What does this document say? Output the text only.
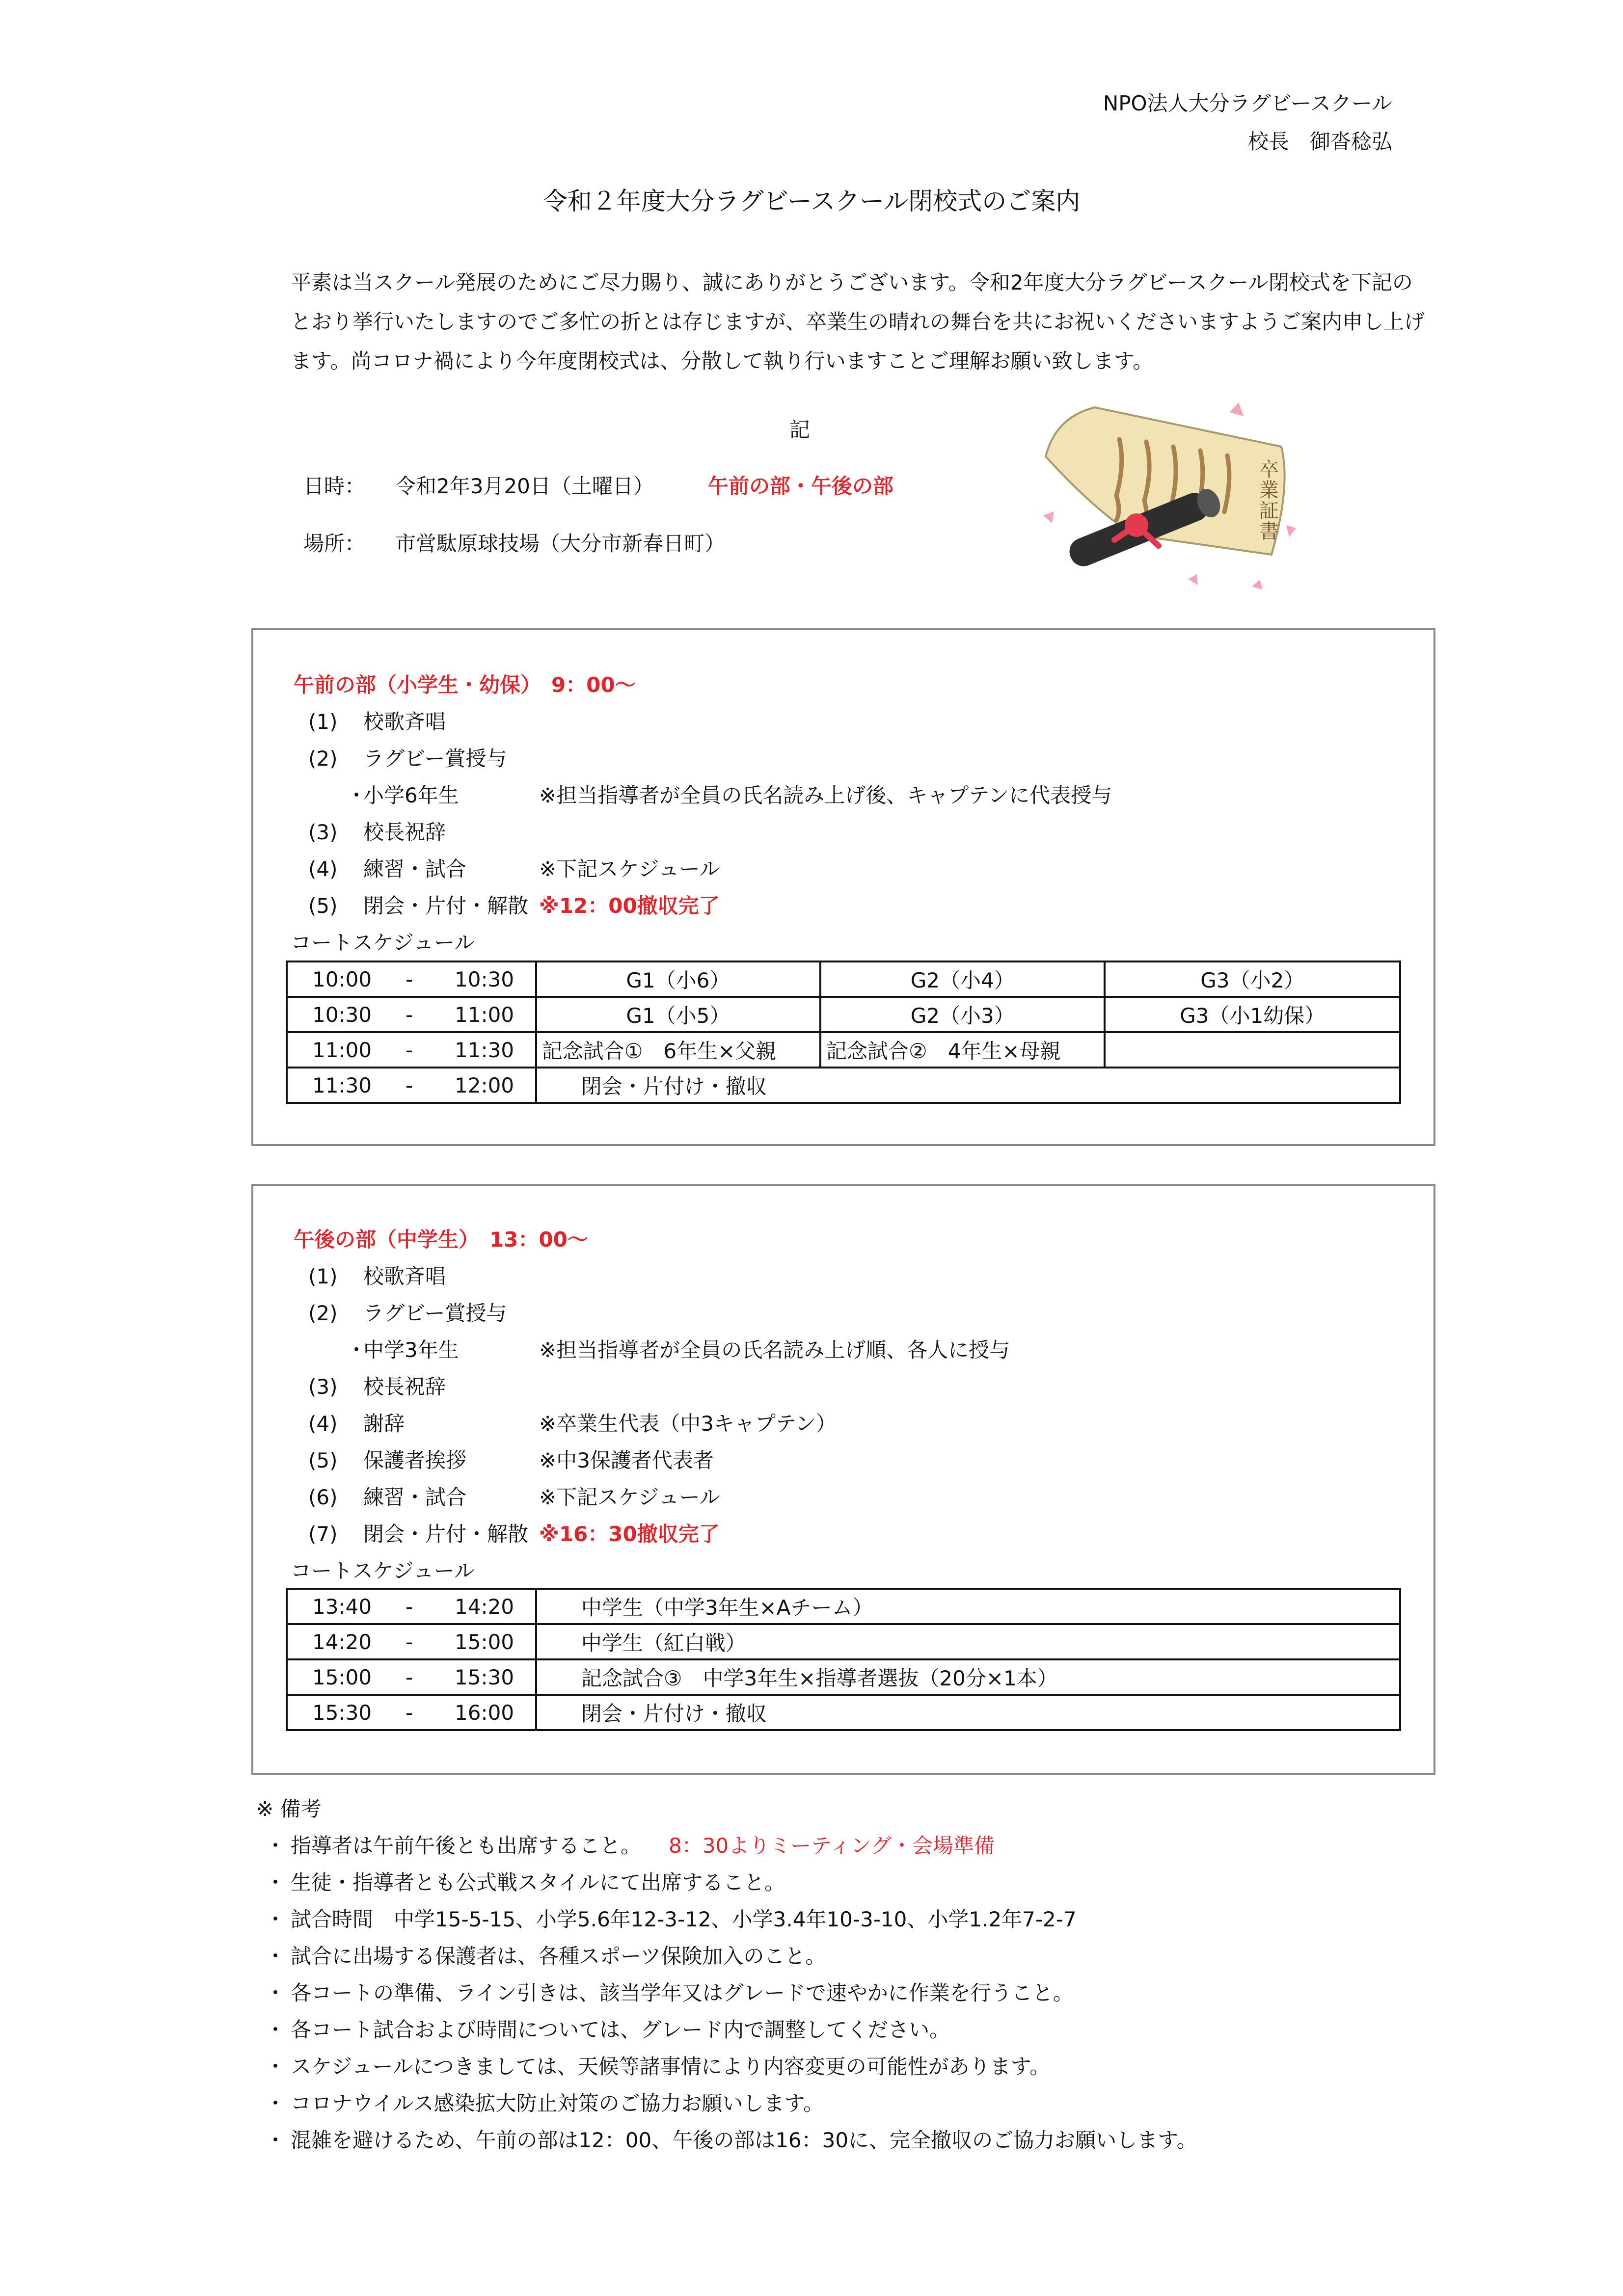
NPO法人大分ラグビースクール
校長　御沓稔弘
令和２年度大分ラグビースクール閉校式のご案内
平素は当スクール発展のためにご尽力賜り、誠にありがとうございます。令和2年度大分ラグビースクール閉校式を下記の
とおり挙行いたしますのでご多忙の折とは存じますが、卒業生の晴れの舞台を共にお祝いくださいますようご案内申し上げ
ます。尚コロナ禍により今年度閉校式は、分散して執り行いますことご理解お願い致します。
記
日時： 令和2年3月20日（土曜日）	午前の部・午後の部
場所： 市営駄原球技場（大分市新春日町）
卒 業 証 書
午前の部（小学生・幼保）　9：00～
(1) 校歌斉唱
(2) ラグビー賞授与
・
小学6年生	※担当指導者が全員の氏名読み上げ後、キャプテンに代表授与
(3) 校長祝辞
(4) 練習・試合	※下記スケジュール
(5) 閉会・片付・解散 ※12：00撤収完了
コートスケジュール
10:00 - 10:30	G1（小6）	G2（小4）	G3（小2）
10:30 - 11:00	G1（小5）	G2（小3）	G3（小1幼保）
11:00 - 11:30	記念試合①　6年生×父親	記念試合②　4年生×母親	
11:30 - 12:00	閉会・片付け・撤収		
午後の部（中学生）　13：00～
(1) 校歌斉唱
(2) ラグビー賞授与
・
中学3年生	※担当指導者が全員の氏名読み上げ順、各人に授与
(3) 校長祝辞
(4) 謝辞	※卒業生代表（中3キャプテン）
(5) 保護者挨拶	※中3保護者代表者
(6) 練習・試合	※下記スケジュール
(7) 閉会・片付・解散 ※16：30撤収完了
コートスケジュール
13:40 - 14:20	中学生（中学3年生×Aチーム）
14:20 - 15:00	中学生（紅白戦）
15:00 - 15:30	記念試合③　中学3年生×指導者選抜（20分×1本）
15:30 - 16:00	閉会・片付け・撤収
※ 備考
・ 指導者は午前午後とも出席すること。 8：30よりミーティング・会場準備
・ 生徒・指導者とも公式戦スタイルにて出席すること。
・ 試合時間　中学15-5-15、小学5.6年12-3-12、小学3.4年10-3-10、小学1.2年7-2-7
・ 試合に出場する保護者は、各種スポーツ保険加入のこと。
・ 各コートの準備、ライン引きは、該当学年又はグレードで速やかに作業を行うこと。
・ 各コート試合および時間については、グレード内で調整してください。
・ スケジュールにつきましては、天候等諸事情により内容変更の可能性があります。
・ コロナウイルス感染拡大防止対策のご協力お願いします。
・ 混雑を避けるため、午前の部は12：00、午後の部は16：30に、完全撤収のご協力お願いします。
